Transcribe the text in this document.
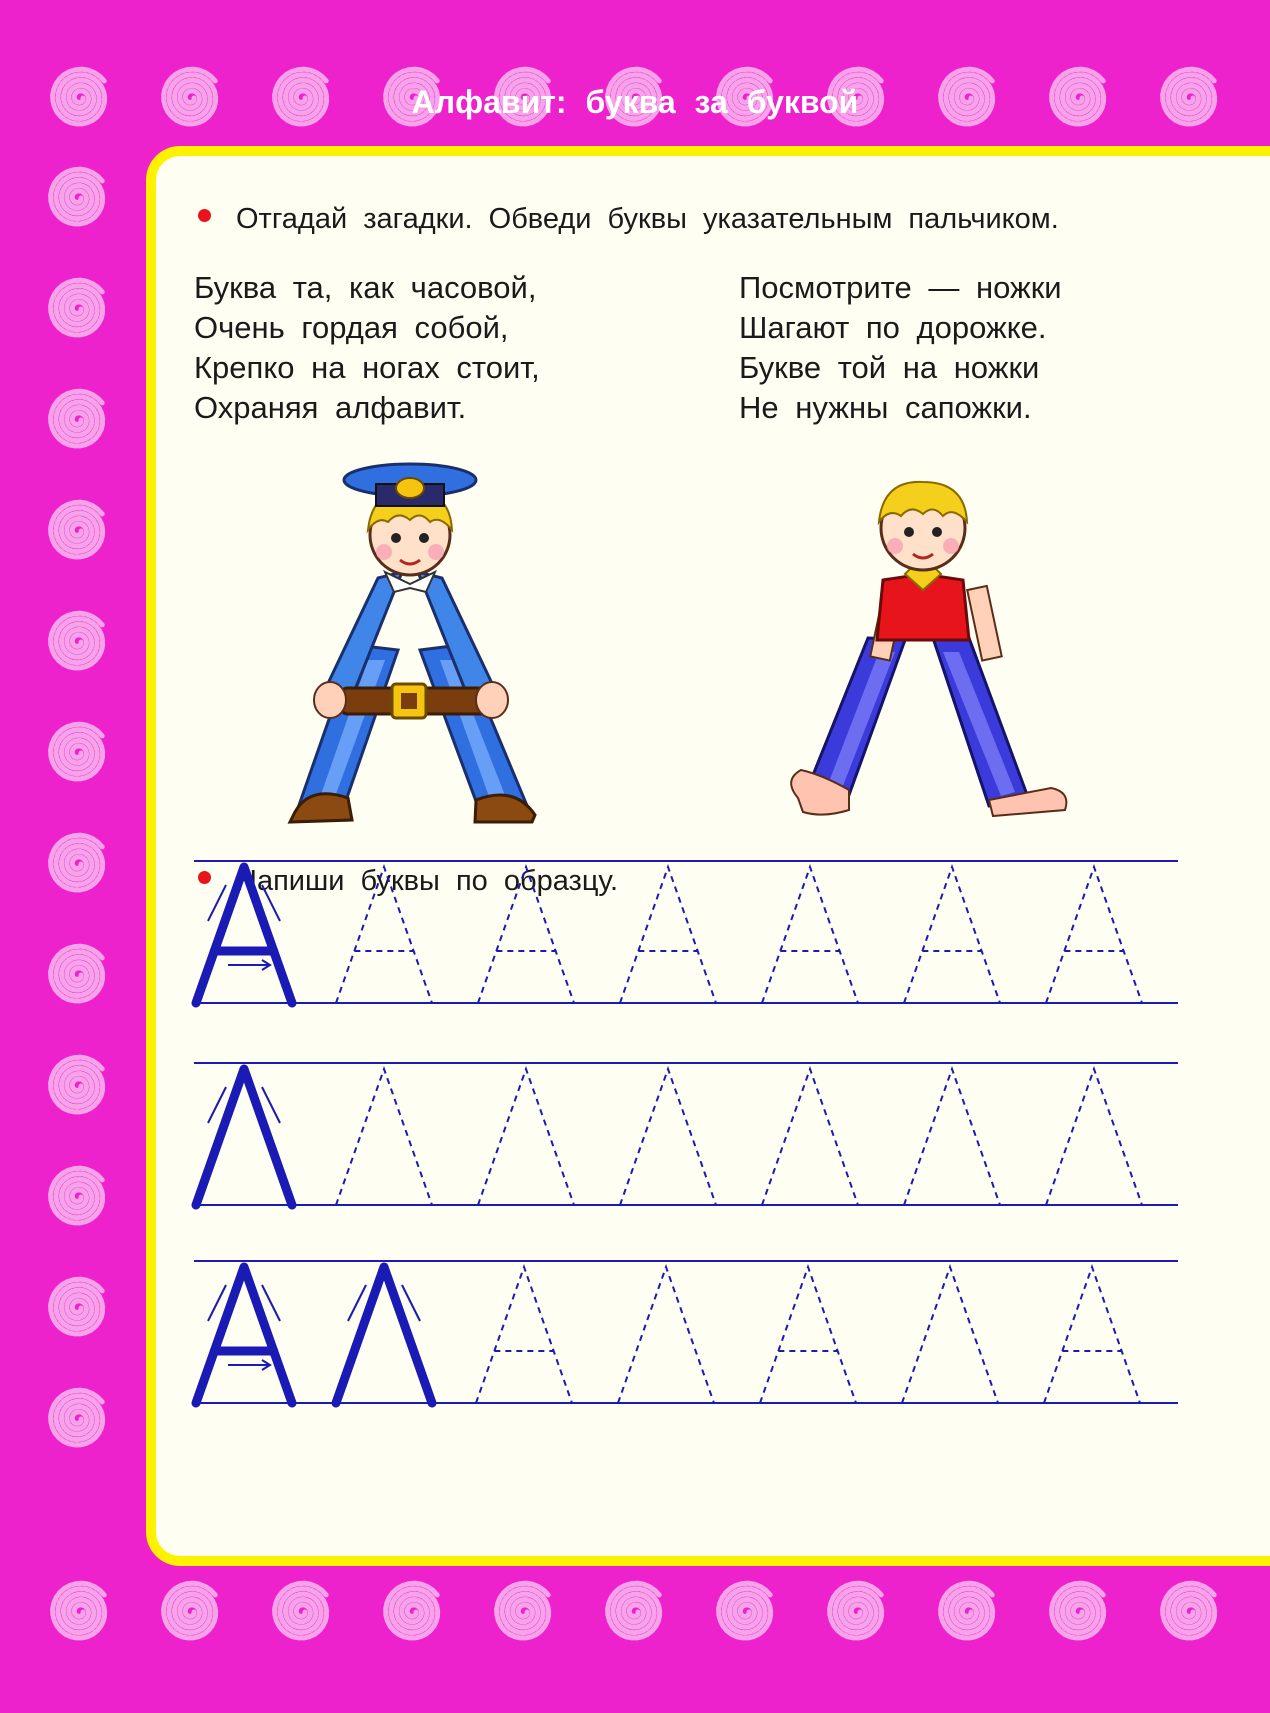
Алфавит: буква за буквой
Отгадай загадки. Обведи буквы указательным пальчиком.
Буква та, как часовой,
Очень гордая собой,
Крепко на ногах стоит,
Охраняя алфавит.
Посмотрите — ножки
Шагают по дорожке.
Букве той на ножки
Не нужны сапожки.
Напиши буквы по образцу.
